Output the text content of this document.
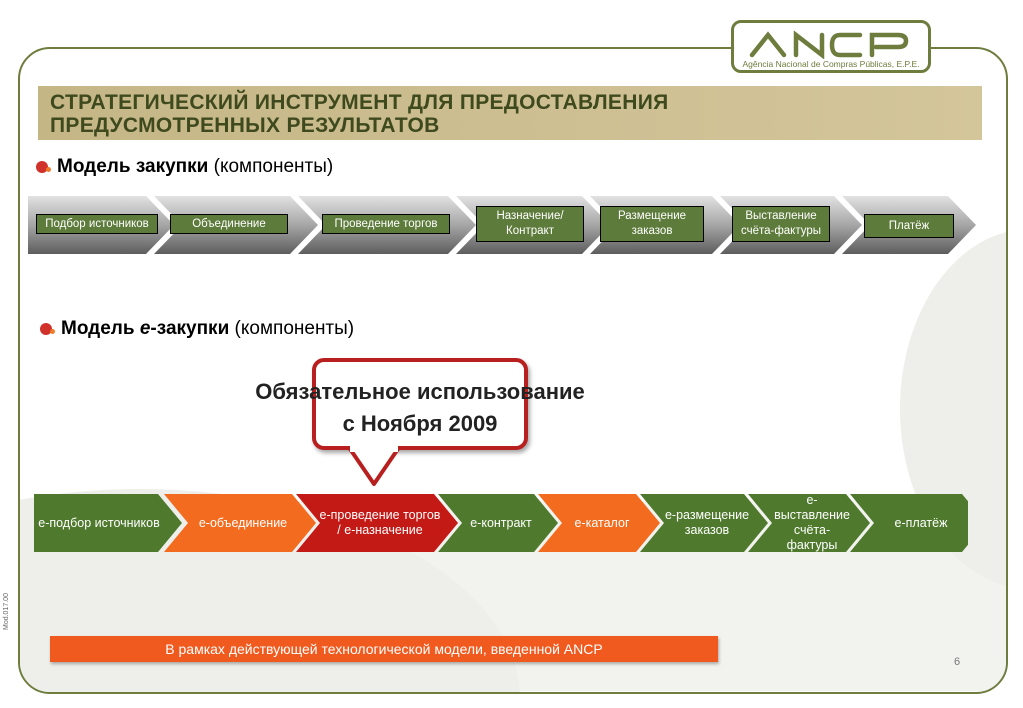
Agência Nacional de Compras Públicas, E.P.E.
СТРАТЕГИЧЕСКИЙ ИНСТРУМЕНТ ДЛЯ ПРЕДОСТАВЛЕНИЯ
ПРЕДУСМОТРЕННЫХ РЕЗУЛЬТАТОВ
Модель закупки (компоненты)
Подбор источников	Объединение	Проведение торгов
Назначение/ Контракт
Размещение заказов
Выставление счёта-фактуры	Платёж
Модель e-закупки (компоненты)
Обязательное использование
с Ноября 2009
e-подбор источников	e-объединение
e-проведение торгов / e-назначение
e-контракт	e-каталог
e-размещение заказов
e-выставление счёта-фактуры
e-платёж
В рамках действующей технологической модели, введенной ANCP
6
Mod.017.00
